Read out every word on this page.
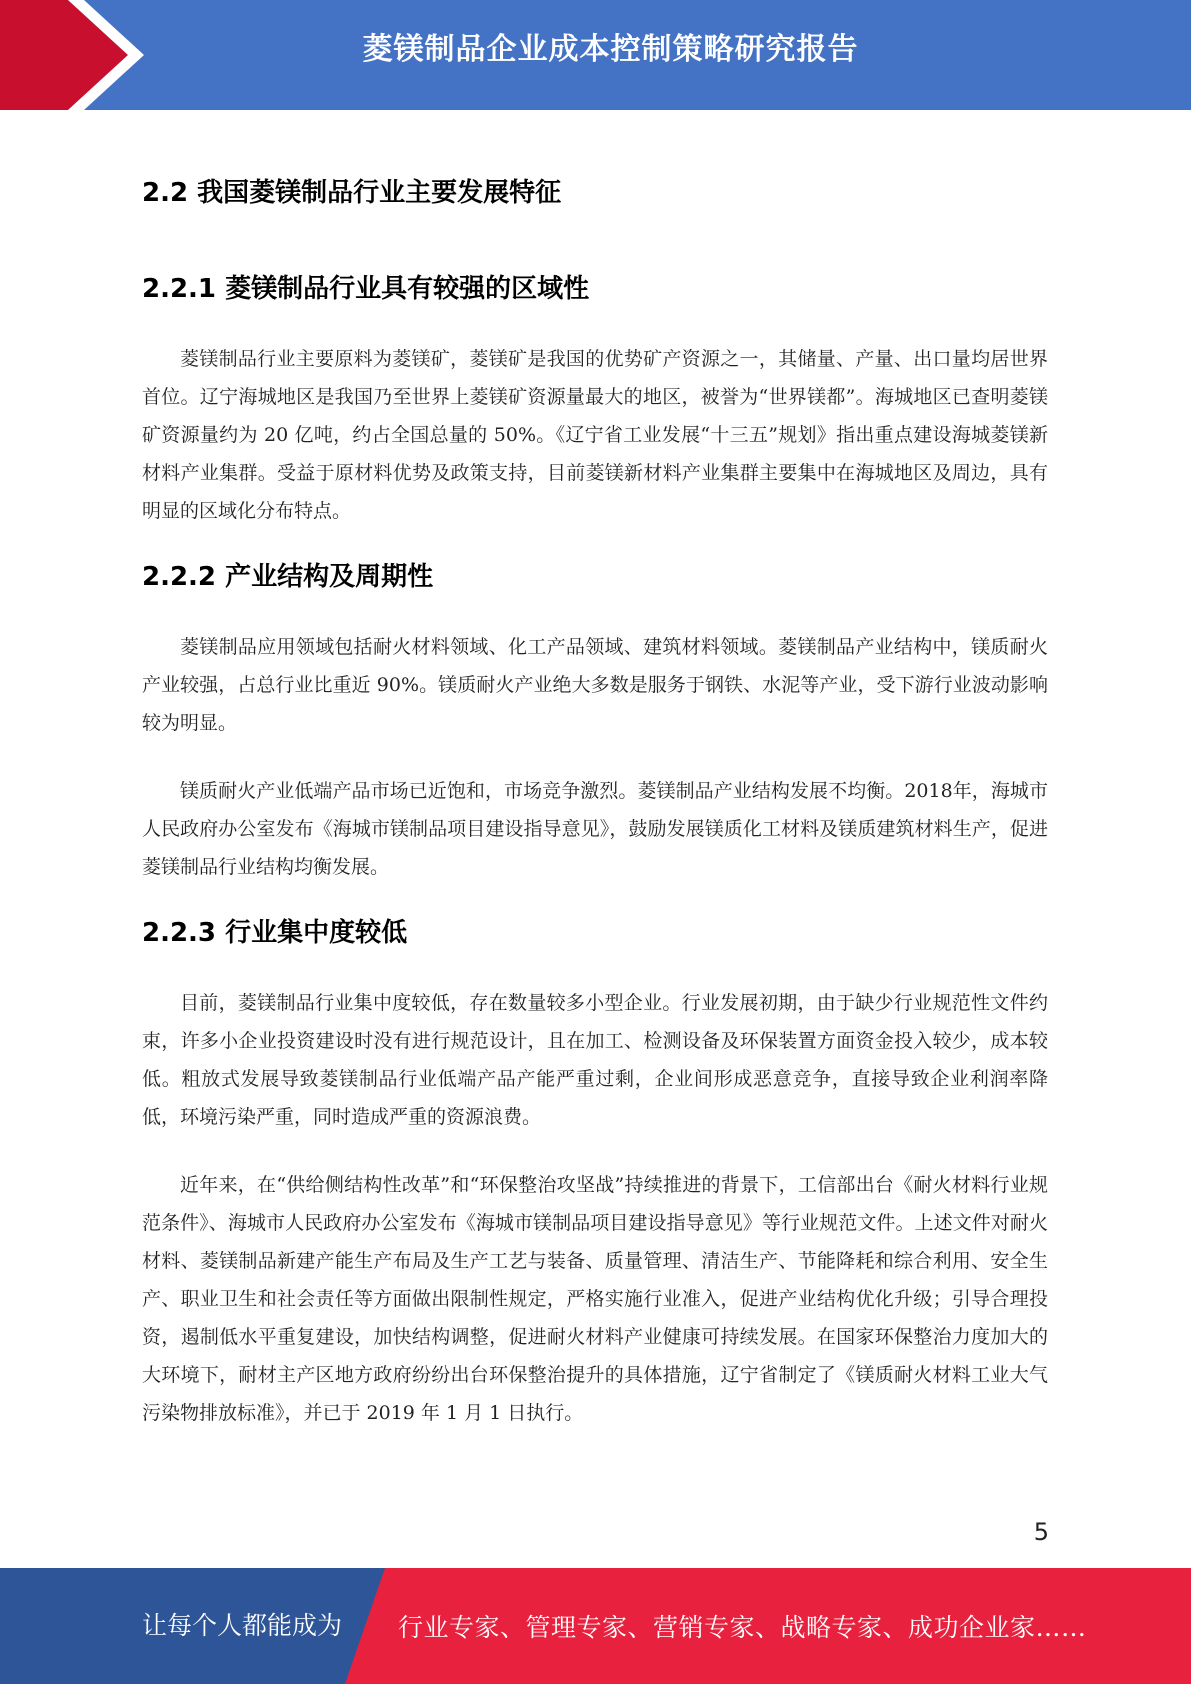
菱镁制品企业成本控制策略研究报告
2.2 我国菱镁制品行业主要发展特征
2.2.1 菱镁制品行业具有较强的区域性

菱镁制品行业主要原料为菱镁矿，菱镁矿是我国的优势矿产资源之一，其储量、产量、出口量均居世界首位。辽宁海城地区是我国乃至世界上菱镁矿资源量最大的地区，被誉为“世界镁都”。海城地区已查明菱镁矿资源量约为 20 亿吨，约占全国总量的 50%。《辽宁省工业发展“十三五”规划》指出重点建设海城菱镁新材料产业集群。受益于原材料优势及政策支持，目前菱镁新材料产业集群主要集中在海城地区及周边，具有明显的区域化分布特点。

2.2.2 产业结构及周期性

菱镁制品应用领域包括耐火材料领域、化工产品领域、建筑材料领域。菱镁制品产业结构中，镁质耐火产业较强，占总行业比重近 90%。镁质耐火产业绝大多数是服务于钢铁、水泥等产业，受下游行业波动影响较为明显。

镁质耐火产业低端产品市场已近饱和，市场竞争激烈。菱镁制品产业结构发展不均衡。2018年，海城市人民政府办公室发布《海城市镁制品项目建设指导意见》，鼓励发展镁质化工材料及镁质建筑材料生产，促进菱镁制品行业结构均衡发展。

2.2.3 行业集中度较低

目前，菱镁制品行业集中度较低，存在数量较多小型企业。行业发展初期，由于缺少行业规范性文件约束，许多小企业投资建设时没有进行规范设计，且在加工、检测设备及环保装置方面资金投入较少，成本较低。粗放式发展导致菱镁制品行业低端产品产能严重过剩，企业间形成恶意竞争，直接导致企业利润率降低，环境污染严重，同时造成严重的资源浪费。

近年来，在“供给侧结构性改革”和“环保整治攻坚战”持续推进的背景下，工信部出台《耐火材料行业规范条件》、海城市人民政府办公室发布《海城市镁制品项目建设指导意见》等行业规范文件。上述文件对耐火材料、菱镁制品新建产能生产布局及生产工艺与装备、质量管理、清洁生产、节能降耗和综合利用、安全生产、职业卫生和社会责任等方面做出限制性规定，严格实施行业准入，促进产业结构优化升级；引导合理投资，遏制低水平重复建设，加快结构调整，促进耐火材料产业健康可持续发展。在国家环保整治力度加大的大环境下，耐材主产区地方政府纷纷出台环保整治提升的具体措施，辽宁省制定了《镁质耐火材料工业大气污染物排放标准》，并已于 2019 年 1 月 1 日执行。

5
让每个人都能成为 行业专家、管理专家、营销专家、战略专家、成功企业家……
